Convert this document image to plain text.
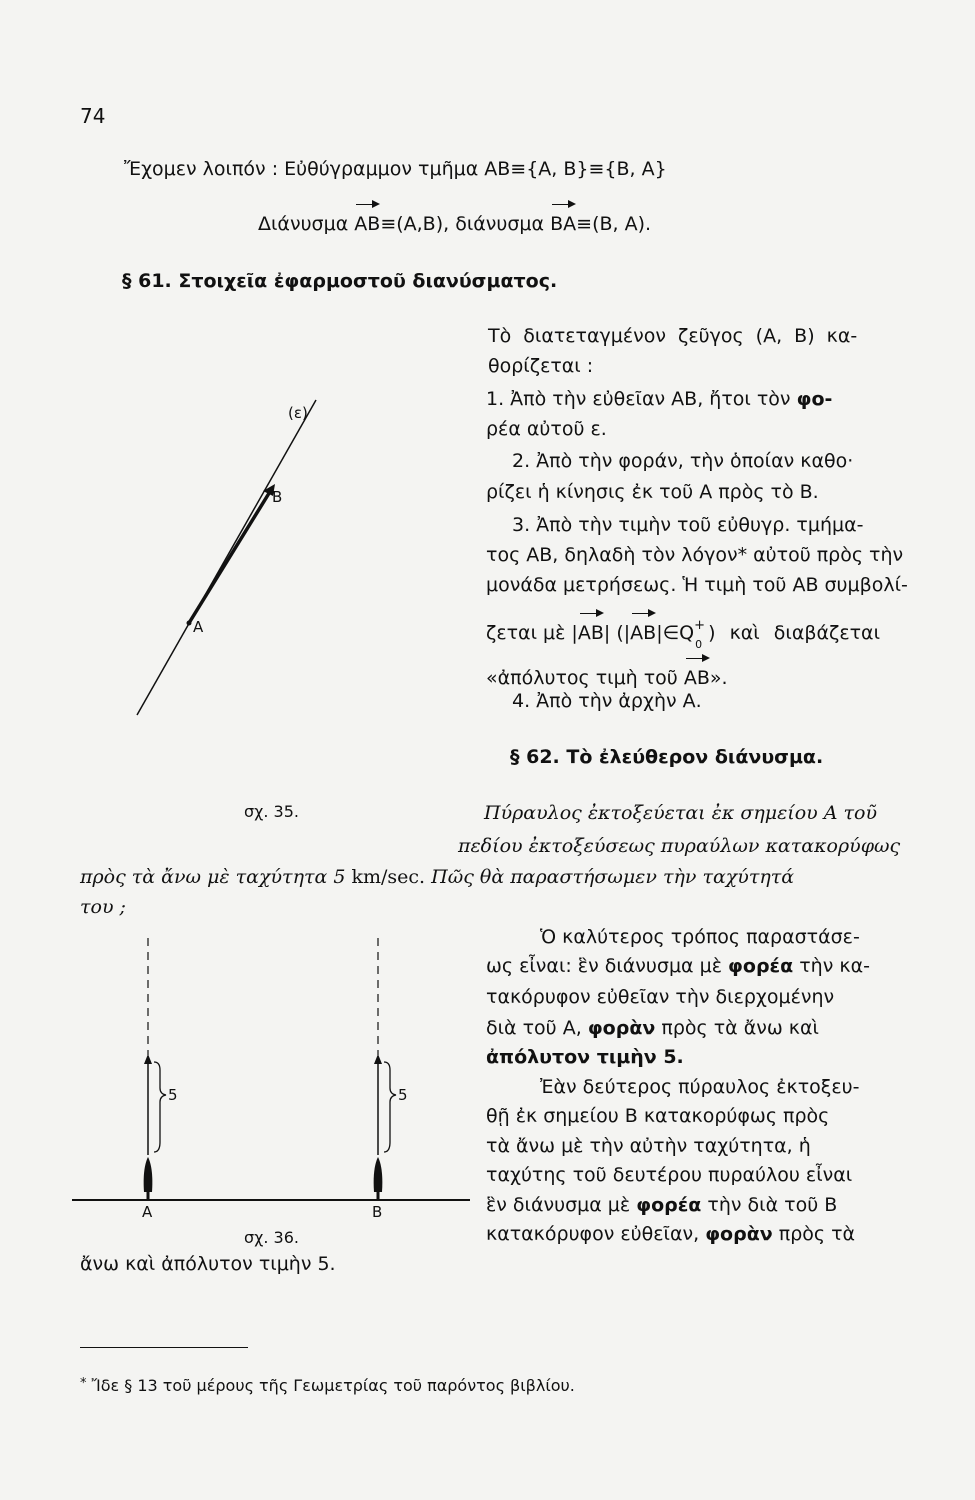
74
Ἔχομεν λοιπόν : Εὐθύγραμμον τμῆμα ΑΒ≡{Α, Β}≡{Β, Α}
Διάνυσμα ΑΒ≡(Α,Β), διάνυσμα ΒΑ≡(Β, Α).
§ 61. Στοιχεῖα ἐφαρμοστοῦ διανύσματος.
Τὸ διατεταγμένον ζεῦγος (Α, Β) κα-
θορίζεται :
1. Ἀπὸ τὴν εὐθεῖαν ΑΒ, ἤτοι τὸν φο-
ρέα αὐτοῦ ε.
2. Ἀπὸ τὴν φοράν, τὴν ὁποίαν καθο·
ρίζει ἡ κίνησις ἐκ τοῦ Α πρὸς τὸ Β.
3. Ἀπὸ τὴν τιμὴν τοῦ εὐθυγρ. τμήμα-
τος ΑΒ, δηλαδὴ τὸν λόγον* αὐτοῦ πρὸς τὴν
μονάδα μετρήσεως. Ἡ τιμὴ τοῦ ΑΒ συμβολί-
ζεται μὲ |ΑΒ| (|ΑΒ|∈Q +
0
) καὶ διαβάζεται
«ἀπόλυτος τιμὴ τοῦ ΑΒ».
4. Ἀπὸ τὴν ἀρχὴν Α.
(ε)
Β
Α
σχ. 35.
§ 62. Τὸ ἐλεύθερον διάνυσμα.
Πύραυλος ἐκτοξεύεται ἐκ σημείου Α τοῦ
πεδίου ἐκτοξεύσεως πυραύλων κατακορύφως
πρὸς τὰ ἄνω μὲ ταχύτητα 5 km/sec. Πῶς θὰ παραστήσωμεν τὴν ταχύτητά
του ;
Ὁ καλύτερος τρόπος παραστάσε-
ως εἶναι: ἓν διάνυσμα μὲ φορέα τὴν κα-
τακόρυφον εὐθεῖαν τὴν διερχομένην
διὰ τοῦ Α, φορὰν πρὸς τὰ ἄνω καὶ
ἀπόλυτον τιμὴν 5.
Ἐὰν δεύτερος πύραυλος ἐκτοξευ-
θῇ ἐκ σημείου Β κατακορύφως πρὸς
τὰ ἄνω μὲ τὴν αὐτὴν ταχύτητα, ἡ
ταχύτης τοῦ δευτέρου πυραύλου εἶναι
ἓν διάνυσμα μὲ φορέα τὴν διὰ τοῦ Β
κατακόρυφον εὐθεῖαν, φορὰν πρὸς τὰ
5	5
Α	Β
σχ. 36.
ἄνω καὶ ἀπόλυτον τιμὴν 5.
* Ἴδε § 13 τοῦ μέρους τῆς Γεωμετρίας τοῦ παρόντος βιβλίου.
